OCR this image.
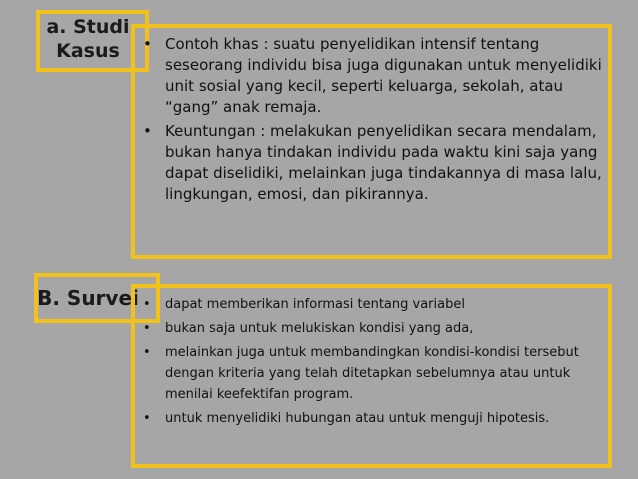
a. Studi
Kasus	• Contoh khas : suatu penyelidikan intensif tentang seseorang individu bisa juga digunakan untuk menyelidiki unit sosial yang kecil, seperti keluarga, sekolah, atau “gang” anak remaja.
• Keuntungan : melakukan penyelidikan secara mendalam, bukan hanya tindakan individu pada waktu kini saja yang dapat diselidiki, melainkan juga tindakannya di masa lalu, lingkungan, emosi, dan pikirannya.
B. Survei	• dapat memberikan informasi tentang variabel
• bukan saja untuk melukiskan kondisi yang ada,
• melainkan juga untuk membandingkan kondisi-kondisi tersebut dengan kriteria yang telah ditetapkan sebelumnya atau untuk menilai keefektifan program.
• untuk menyelidiki hubungan atau untuk menguji hipotesis.
